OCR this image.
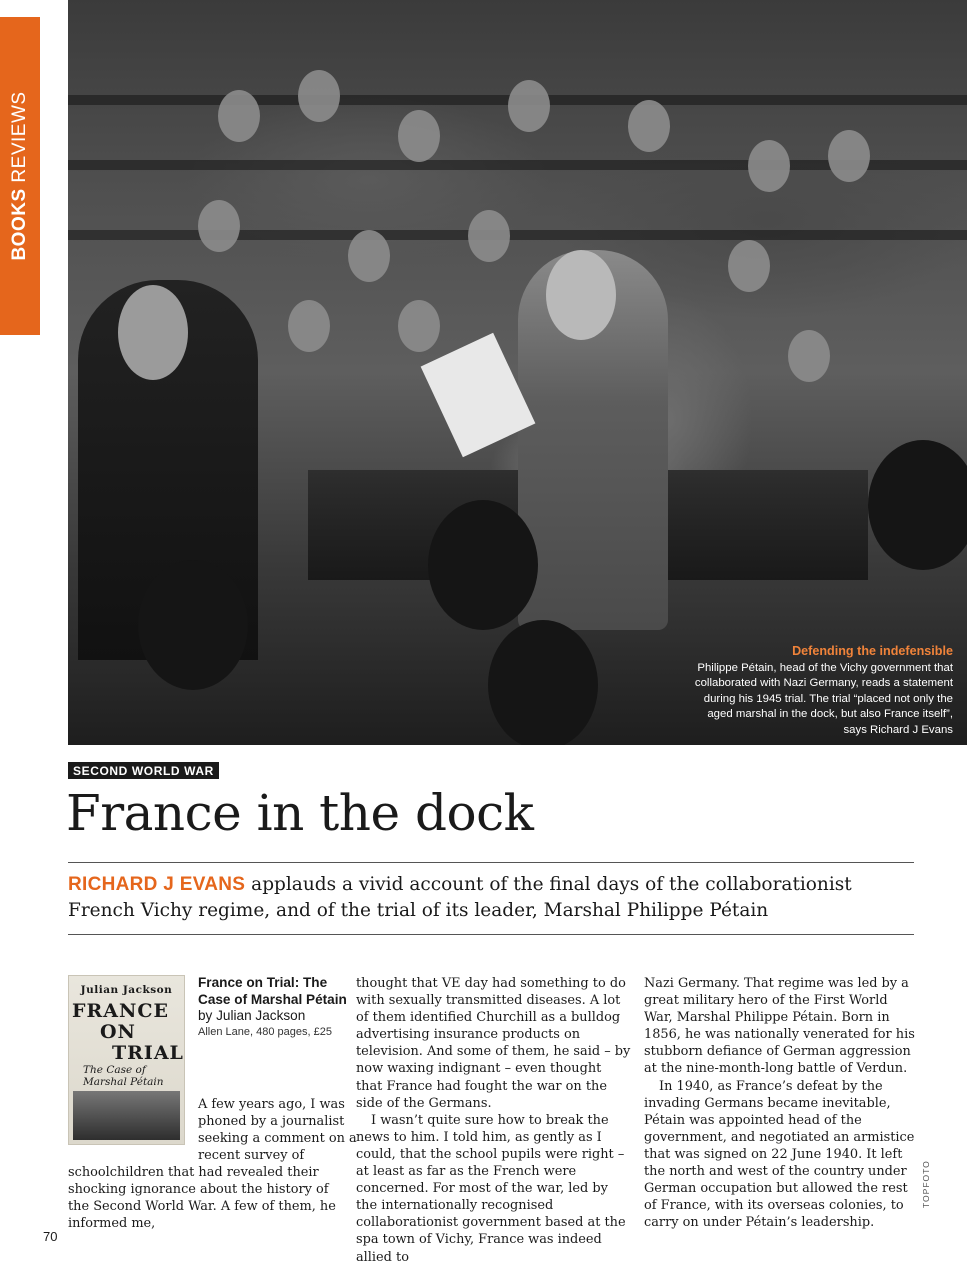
BOOKS REVIEWS
Defending the indefensible
Philippe Pétain, head of the Vichy government that collaborated with Nazi Germany, reads a statement during his 1945 trial. The trial “placed not only the aged marshal in the dock, but also France itself”, says Richard J Evans
SECOND WORLD WAR
France in the dock
RICHARD J EVANS applauds a vivid account of the final days of the collaborationist French Vichy regime, and of the trial of its leader, Marshal Philippe Pétain
Julian Jackson
FRANCE
ON
TRIAL
The Case of
Marshal Pétain
France on Trial: The Case of Marshal Pétain
by Julian Jackson
Allen Lane, 480 pages, £25

A few years ago, I was phoned by a journalist seeking a comment on a recent survey of

schoolchildren that had revealed their shocking ignorance about the history of the Second World War. A few of them, he informed me,

thought that VE day had something to do with sexually transmitted diseases. A lot of them identified Churchill as a bulldog advertising insurance products on television. And some of them, he said – by now waxing indignant – even thought that France had fought the war on the side of the Germans.

I wasn’t quite sure how to break the news to him. I told him, as gently as I could, that the school pupils were right – at least as far as the French were concerned. For most of the war, led by the internationally recognised collaborationist government based at the spa town of Vichy, France was indeed allied to

Nazi Germany. That regime was led by a great military hero of the First World War, Marshal Philippe Pétain. Born in 1856, he was nationally venerated for his stubborn defiance of German aggression at the nine-month-long battle of Verdun.

In 1940, as France’s defeat by the invading Germans became inevitable, Pétain was appointed head of the government, and negotiated an armistice that was signed on 22 June 1940. It left the north and west of the country under German occupation but allowed the rest of France, with its overseas colonies, to carry on under Pétain’s leadership.

TOPFOTO
70
